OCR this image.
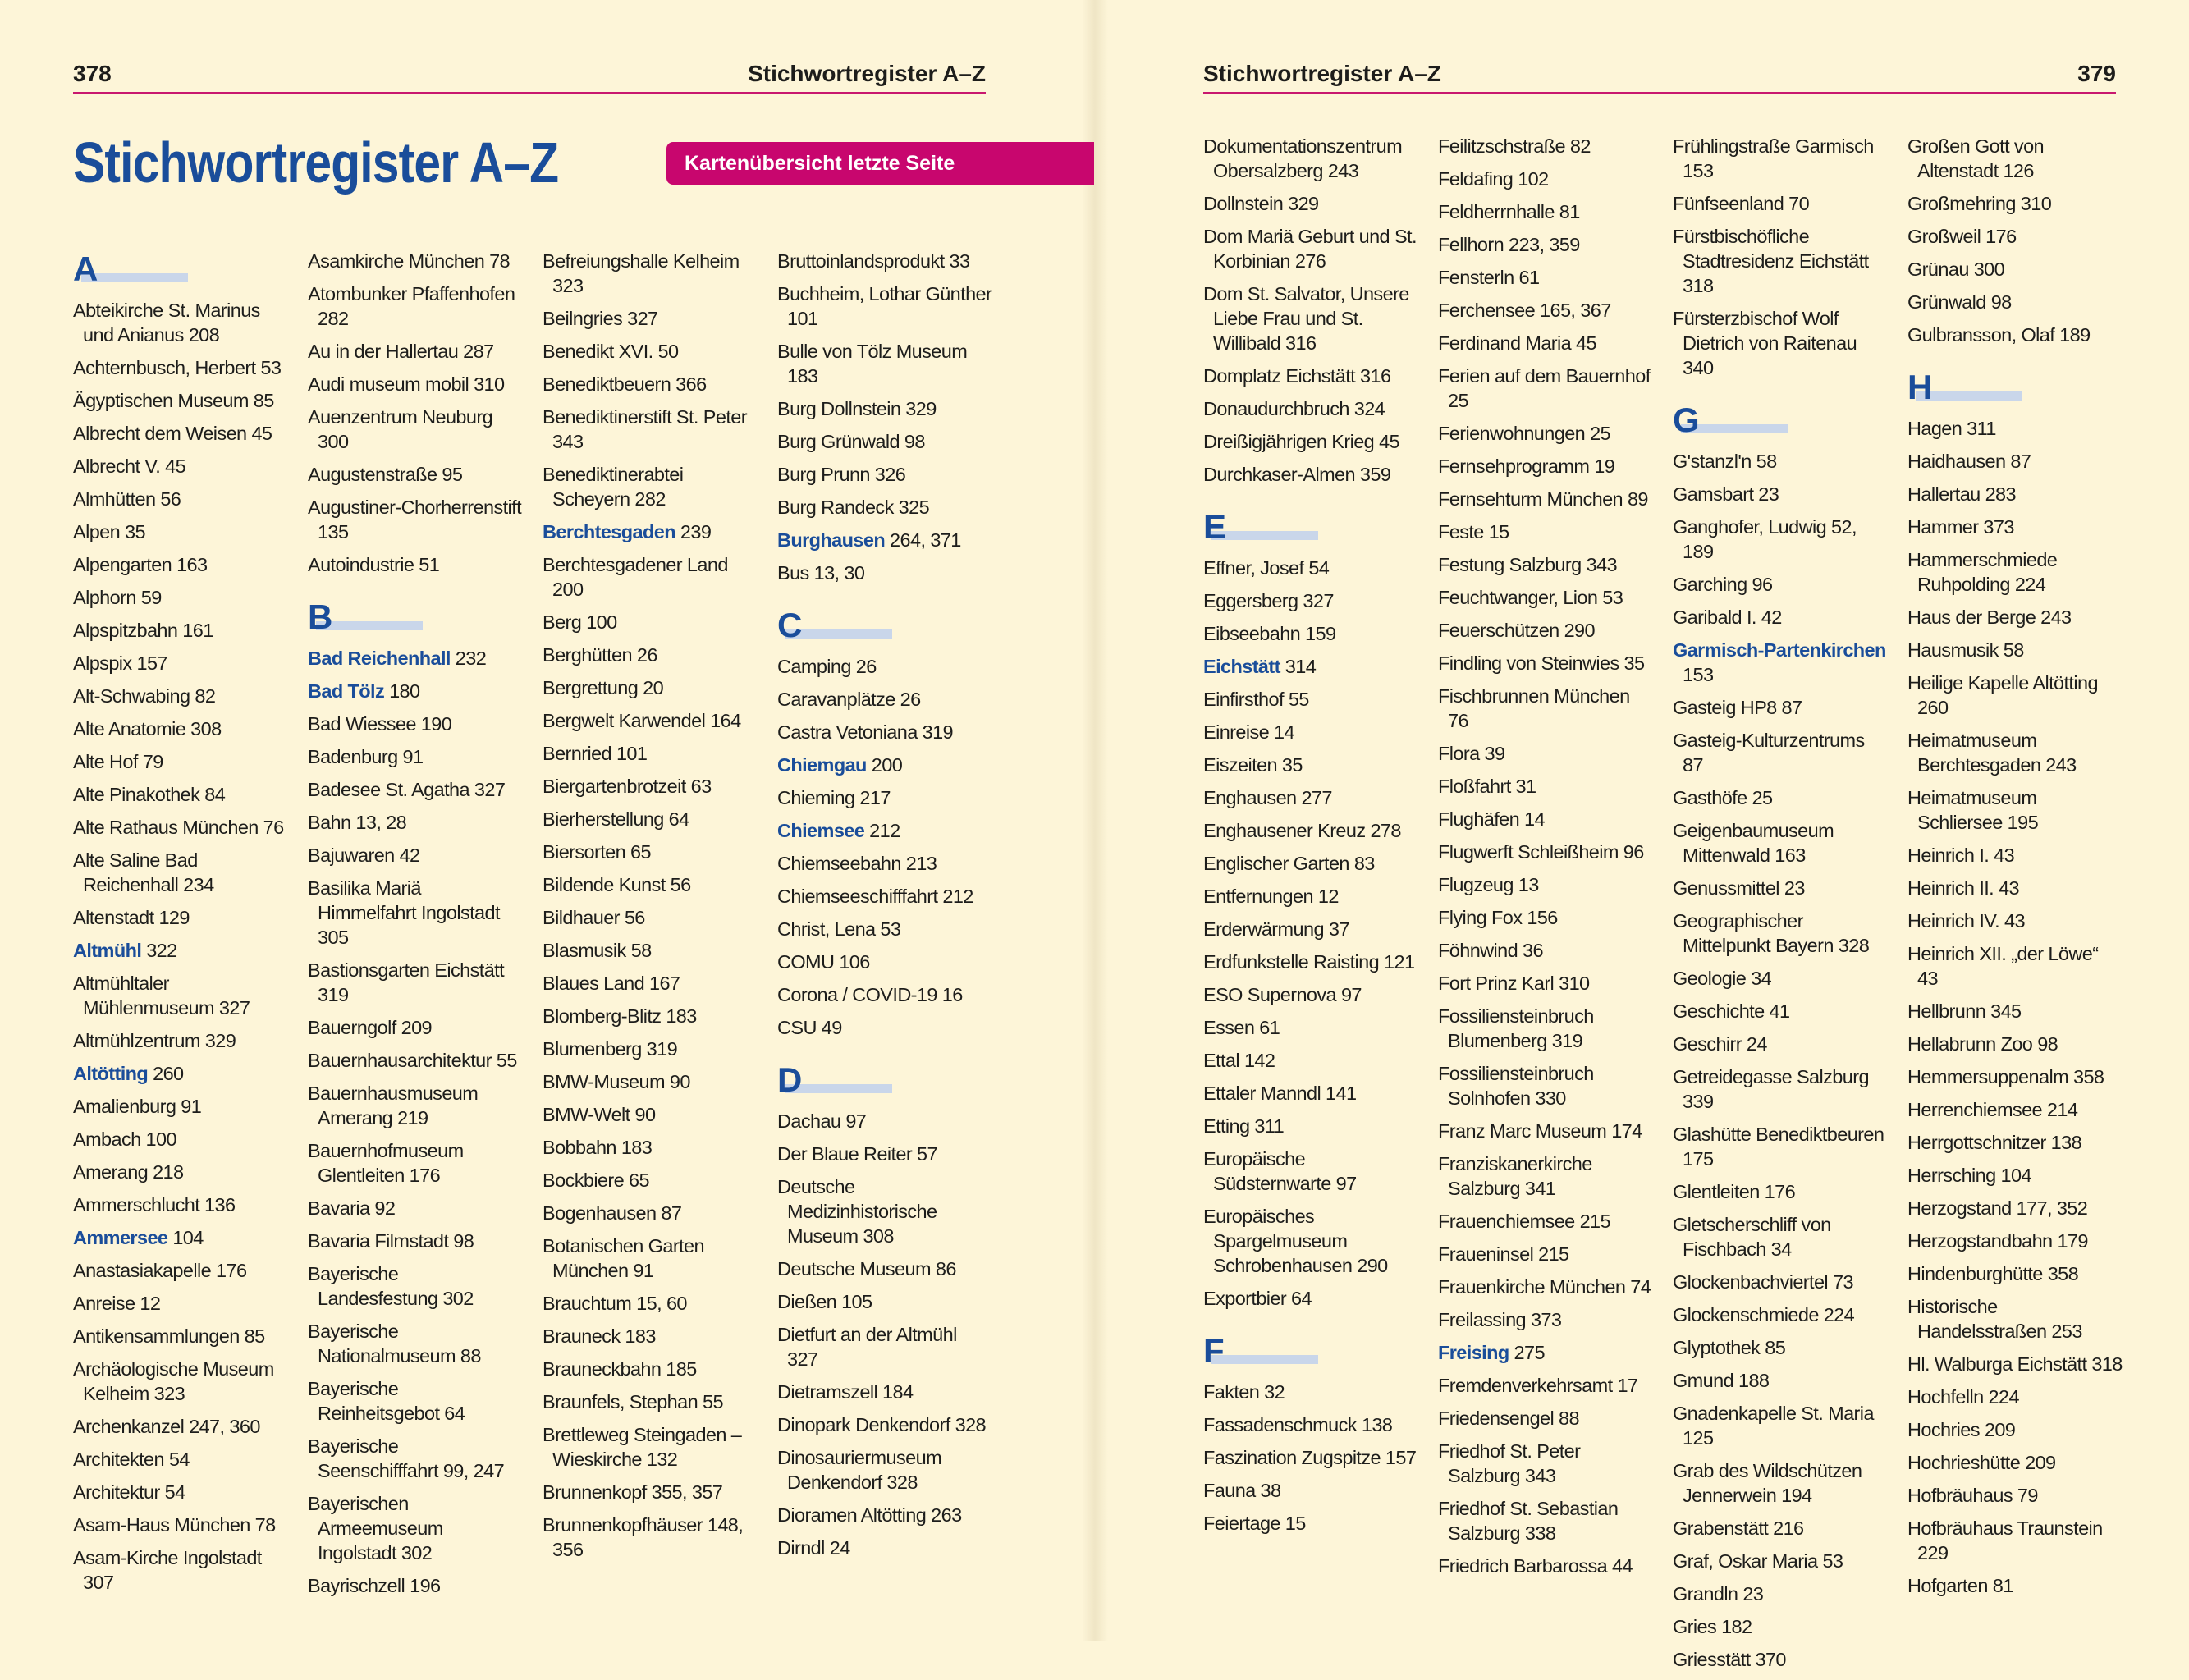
378	Stichwortregister A–Z
Stichwortregister A–Z	Kartenübersicht letzte Seite
A
Abteikirche St. Marinus und Anianus 208
Achternbusch, Herbert 53
Ägyptischen Museum 85
Albrecht dem Weisen 45
Albrecht V. 45
Almhütten 56
Alpen 35
Alpengarten 163
Alphorn 59
Alpspitzbahn 161
Alpspix 157
Alt-Schwabing 82
Alte Anatomie 308
Alte Hof 79
Alte Pinakothek 84
Alte Rathaus München 76
Alte Saline Bad Reichenhall 234
Altenstadt 129
Altmühl 322
Altmühltaler Mühlenmuseum 327
Altmühlzentrum 329
Altötting 260
Amalienburg 91
Ambach 100
Amerang 218
Ammerschlucht 136
Ammersee 104
Anastasiakapelle 176
Anreise 12
Antikensammlungen 85
Archäologische Museum Kelheim 323
Archenkanzel 247, 360
Architekten 54
Architektur 54
Asam-Haus München 78
Asam-Kirche Ingolstadt 307
Asamkirche München 78
Atombunker Pfaffenhofen 282
Au in der Hallertau 287
Audi museum mobil 310
Auenzentrum Neuburg 300
Augustenstraße 95
Augustiner-Chorherrenstift 135
Autoindustrie 51
B
Bad Reichenhall 232
Bad Tölz 180
Bad Wiessee 190
Badenburg 91
Badesee St. Agatha 327
Bahn 13, 28
Bajuwaren 42
Basilika Mariä Himmelfahrt Ingolstadt 305
Bastionsgarten Eichstätt 319
Bauerngolf 209
Bauernhausarchitektur 55
Bauernhausmuseum Amerang 219
Bauernhofmuseum Glentleiten 176
Bavaria 92
Bavaria Filmstadt 98
Bayerische Landesfestung 302
Bayerische Nationalmuseum 88
Bayerische Reinheitsgebot 64
Bayerische Seenschifffahrt 99, 247
Bayerischen Armeemuseum Ingolstadt 302
Bayrischzell 196
Befreiungshalle Kelheim 323
Beilngries 327
Benedikt XVI. 50
Benediktbeuern 366
Benediktinerstift St. Peter 343
Benediktinerabtei Scheyern 282
Berchtesgaden 239
Berchtesgadener Land 200
Berg 100
Berghütten 26
Bergrettung 20
Bergwelt Karwendel 164
Bernried 101
Biergartenbrotzeit 63
Bierherstellung 64
Biersorten 65
Bildende Kunst 56
Bildhauer 56
Blasmusik 58
Blaues Land 167
Blomberg-Blitz 183
Blumenberg 319
BMW-Museum 90
BMW-Welt 90
Bobbahn 183
Bockbiere 65
Bogenhausen 87
Botanischen Garten München 91
Brauchtum 15, 60
Brauneck 183
Brauneckbahn 185
Braunfels, Stephan 55
Brettleweg Steingaden – Wieskirche 132
Brunnenkopf 355, 357
Brunnenkopfhäuser 148, 356
Bruttoinlandsprodukt 33
Buchheim, Lothar Günther 101
Bulle von Tölz Museum 183
Burg Dollnstein 329
Burg Grünwald 98
Burg Prunn 326
Burg Randeck 325
Burghausen 264, 371
Bus 13, 30
C
Camping 26
Caravanplätze 26
Castra Vetoniana 319
Chiemgau 200
Chieming 217
Chiemsee 212
Chiemseebahn 213
Chiemseeschifffahrt 212
Christ, Lena 53
COMU 106
Corona / COVID-19 16
CSU 49
D
Dachau 97
Der Blaue Reiter 57
Deutsche Medizinhistorische Museum 308
Deutsche Museum 86
Dießen 105
Dietfurt an der Altmühl 327
Dietramszell 184
Dinopark Denkendorf 328
Dinosauriermuseum Denkendorf 328
Dioramen Altötting 263
Dirndl 24
Stichwortregister A–Z	379
Dokumentationszentrum Obersalzberg 243
Dollnstein 329
Dom Mariä Geburt und St. Korbinian 276
Dom St. Salvator, Unsere Liebe Frau und St. Willibald 316
Domplatz Eichstätt 316
Donaudurchbruch 324
Dreißigjährigen Krieg 45
Durchkaser-Almen 359
E
Effner, Josef 54
Eggersberg 327
Eibseebahn 159
Eichstätt 314
Einfirsthof 55
Einreise 14
Eiszeiten 35
Enghausen 277
Enghausener Kreuz 278
Englischer Garten 83
Entfernungen 12
Erderwärmung 37
Erdfunkstelle Raisting 121
ESO Supernova 97
Essen 61
Ettal 142
Ettaler Manndl 141
Etting 311
Europäische Südsternwarte 97
Europäisches Spargelmuseum Schrobenhausen 290
Exportbier 64
F
Fakten 32
Fassadenschmuck 138
Faszination Zugspitze 157
Fauna 38
Feiertage 15
Feilitzschstraße 82
Feldafing 102
Feldherrnhalle 81
Fellhorn 223, 359
Fensterln 61
Ferchensee 165, 367
Ferdinand Maria 45
Ferien auf dem Bauernhof 25
Ferienwohnungen 25
Fernsehprogramm 19
Fernsehturm München 89
Feste 15
Festung Salzburg 343
Feuchtwanger, Lion 53
Feuerschützen 290
Findling von Steinwies 35
Fischbrunnen München 76
Flora 39
Floßfahrt 31
Flughäfen 14
Flugwerft Schleißheim 96
Flugzeug 13
Flying Fox 156
Föhnwind 36
Fort Prinz Karl 310
Fossiliensteinbruch Blumenberg 319
Fossiliensteinbruch Solnhofen 330
Franz Marc Museum 174
Franziskanerkirche Salzburg 341
Frauenchiemsee 215
Fraueninsel 215
Frauenkirche München 74
Freilassing 373
Freising 275
Fremdenverkehrsamt 17
Friedensengel 88
Friedhof St. Peter Salzburg 343
Friedhof St. Sebastian Salzburg 338
Friedrich Barbarossa 44
Frühlingstraße Garmisch 153
Fünfseenland 70
Fürstbischöfliche Stadtresidenz Eichstätt 318
Fürsterzbischof Wolf Dietrich von Raitenau 340
G
G'stanzl'n 58
Gamsbart 23
Ganghofer, Ludwig 52, 189
Garching 96
Garibald I. 42
Garmisch-Partenkirchen 153
Gasteig HP8 87
Gasteig-Kulturzentrums 87
Gasthöfe 25
Geigenbaumuseum Mittenwald 163
Genussmittel 23
Geographischer Mittelpunkt Bayern 328
Geologie 34
Geschichte 41
Geschirr 24
Getreidegasse Salzburg 339
Glashütte Benediktbeuren 175
Glentleiten 176
Gletscherschliff von Fischbach 34
Glockenbachviertel 73
Glockenschmiede 224
Glyptothek 85
Gmund 188
Gnadenkapelle St. Maria 125
Grab des Wildschützen Jennerwein 194
Grabenstätt 216
Graf, Oskar Maria 53
Grandln 23
Gries 182
Griesstätt 370
Großen Gott von Altenstadt 126
Großmehring 310
Großweil 176
Grünau 300
Grünwald 98
Gulbransson, Olaf 189
H
Hagen 311
Haidhausen 87
Hallertau 283
Hammer 373
Hammerschmiede Ruhpolding 224
Haus der Berge 243
Hausmusik 58
Heilige Kapelle Altötting 260
Heimatmuseum Berchtesgaden 243
Heimatmuseum Schliersee 195
Heinrich I. 43
Heinrich II. 43
Heinrich IV. 43
Heinrich XII. „der Löwe“ 43
Hellbrunn 345
Hellabrunn Zoo 98
Hemmersuppenalm 358
Herrenchiemsee 214
Herrgottschnitzer 138
Herrsching 104
Herzogstand 177, 352
Herzogstandbahn 179
Hindenburghütte 358
Historische Handelsstraßen 253
Hl. Walburga Eichstätt 318
Hochfelln 224
Hochries 209
Hochrieshütte 209
Hofbräuhaus 79
Hofbräuhaus Traunstein 229
Hofgarten 81
